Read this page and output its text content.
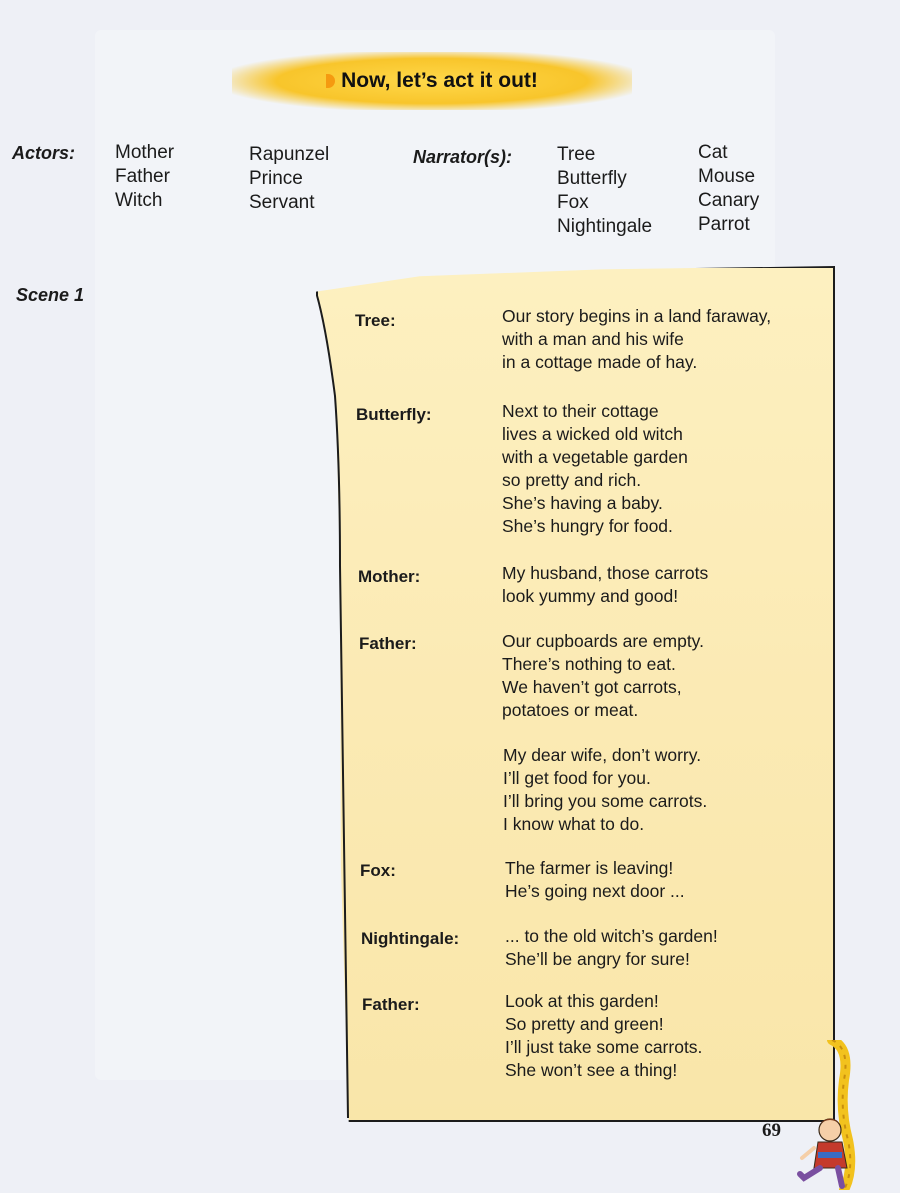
Now, let’s act it out!
Actors: Mother
Father
Witch
Rapunzel
Prince
Servant
Narrator(s): Tree
Butterfly
Fox
Nightingale
Cat
Mouse
Canary
Parrot
Scene 1
Tree:	Our story begins in a land faraway,
with a man and his wife
in a cottage made of hay.
Butterfly:	Next to their cottage
lives a wicked old witch
with a vegetable garden
so pretty and rich.
She’s having a baby.
She’s hungry for food.
Mother:	My husband, those carrots
look yummy and good!
Father:	Our cupboards are empty.
There’s nothing to eat.
We haven’t got carrots,
potatoes or meat.
My dear wife, don’t worry.
I’ll get food for you.
I’ll bring you some carrots.
I know what to do.
Fox:	The farmer is leaving!
He’s going next door ...
Nightingale:	... to the old witch’s garden!
She’ll be angry for sure!
Father:	Look at this garden!
So pretty and green!
I’ll just take some carrots.
She won’t see a thing!
69
